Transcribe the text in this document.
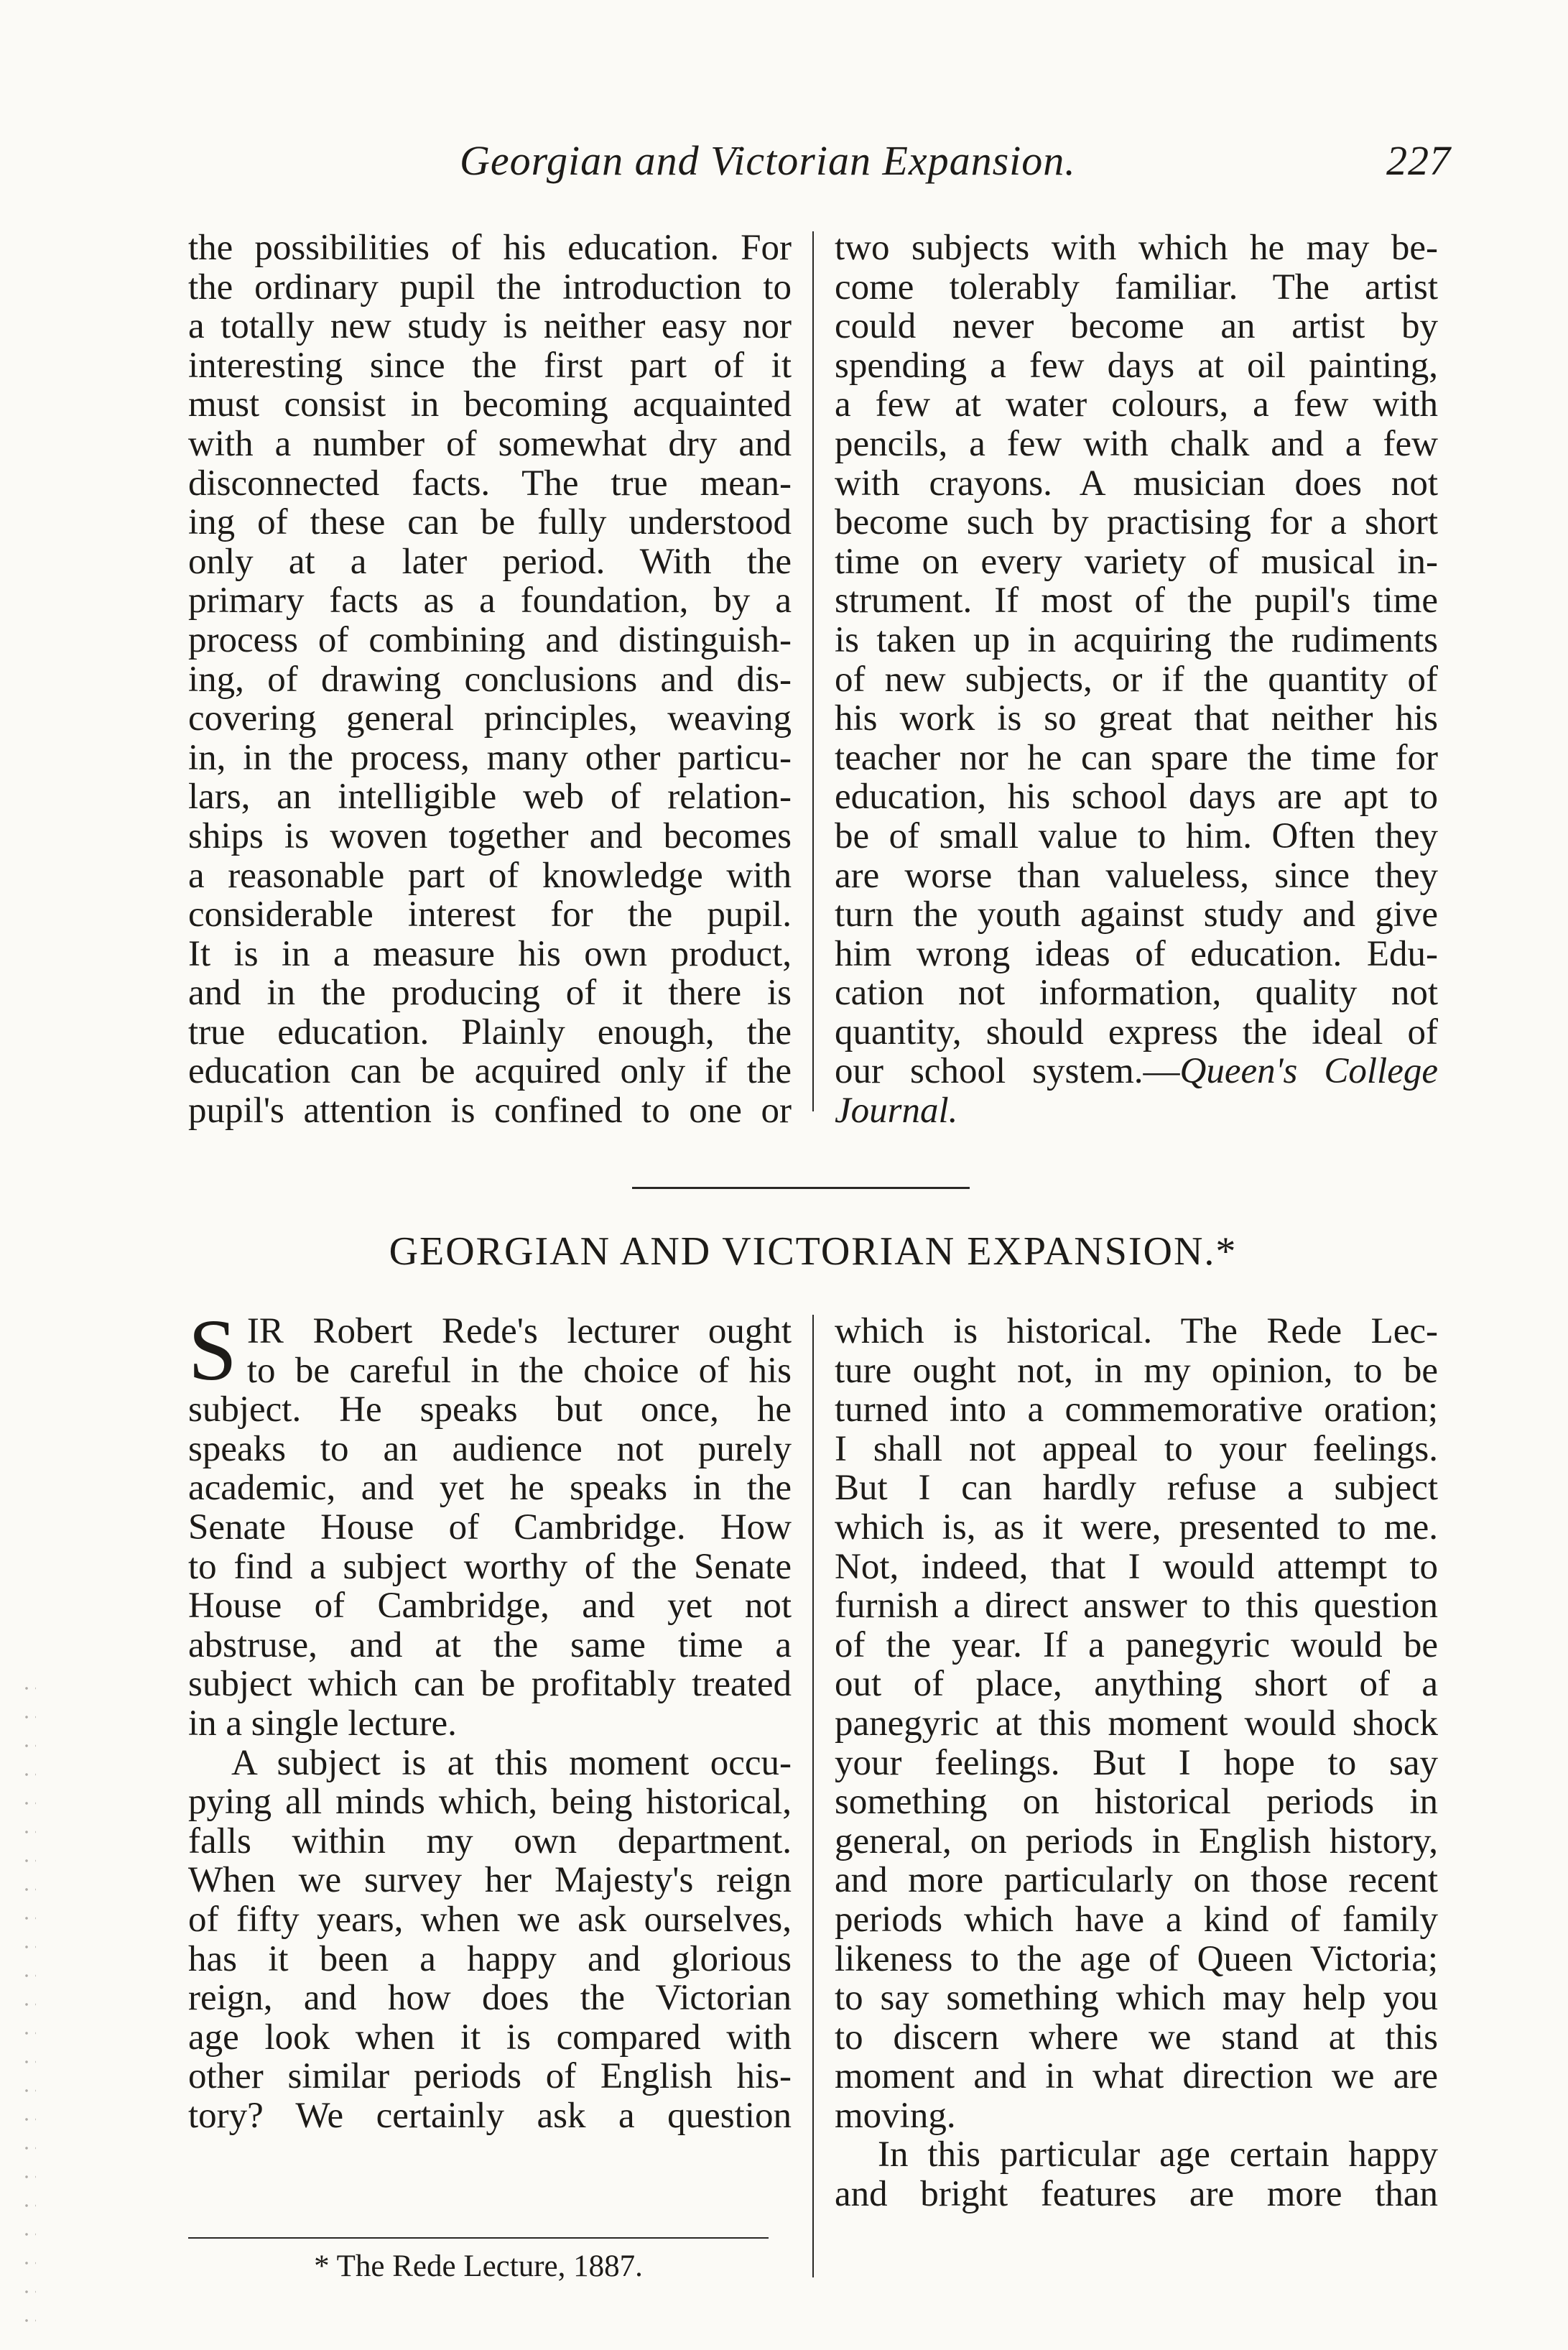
Georgian and Victorian Expansion.	227
the possibilities of his education. For
the ordinary pupil the introduction to
a totally new study is neither easy nor
interesting since the first part of it
must consist in becoming acquainted
with a number of somewhat dry and
disconnected facts. The true mean-
ing of these can be fully understood
only at a later period. With the
primary facts as a foundation, by a
process of combining and distinguish-
ing, of drawing conclusions and dis-
covering general principles, weaving
in, in the process, many other particu-
lars, an intelligible web of relation-
ships is woven together and becomes
a reasonable part of knowledge with
considerable interest for the pupil.
It is in a measure his own product,
and in the producing of it there is
true education. Plainly enough, the
education can be acquired only if the
pupil's attention is confined to one or
two subjects with which he may be-
come tolerably familiar. The artist
could never become an artist by
spending a few days at oil painting,
a few at water colours, a few with
pencils, a few with chalk and a few
with crayons. A musician does not
become such by practising for a short
time on every variety of musical in-
strument. If most of the pupil's time
is taken up in acquiring the rudiments
of new subjects, or if the quantity of
his work is so great that neither his
teacher nor he can spare the time for
education, his school days are apt to
be of small value to him. Often they
are worse than valueless, since they
turn the youth against study and give
him wrong ideas of education. Edu-
cation not information, quality not
quantity, should express the ideal of
our school system.—Queen's College
Journal.
GEORGIAN AND VICTORIAN EXPANSION.*
S IR Robert Rede's lecturer ought
to be careful in the choice of his
subject. He speaks but once, he
speaks to an audience not purely
academic, and yet he speaks in the
Senate House of Cambridge. How
to find a subject worthy of the Senate
House of Cambridge, and yet not
abstruse, and at the same time a
subject which can be profitably treated
in a single lecture.
A subject is at this moment occu-
pying all minds which, being historical,
falls within my own department.
When we survey her Majesty's reign
of fifty years, when we ask ourselves,
has it been a happy and glorious
reign, and how does the Victorian
age look when it is compared with
other similar periods of English his-
tory? We certainly ask a question
which is historical. The Rede Lec-
ture ought not, in my opinion, to be
turned into a commemorative oration;
I shall not appeal to your feelings.
But I can hardly refuse a subject
which is, as it were, presented to me.
Not, indeed, that I would attempt to
furnish a direct answer to this question
of the year. If a panegyric would be
out of place, anything short of a
panegyric at this moment would shock
your feelings. But I hope to say
something on historical periods in
general, on periods in English history,
and more particularly on those recent
periods which have a kind of family
likeness to the age of Queen Victoria;
to say something which may help you
to discern where we stand at this
moment and in what direction we are
moving.
In this particular age certain happy
and bright features are more than
* The Rede Lecture, 1887.
